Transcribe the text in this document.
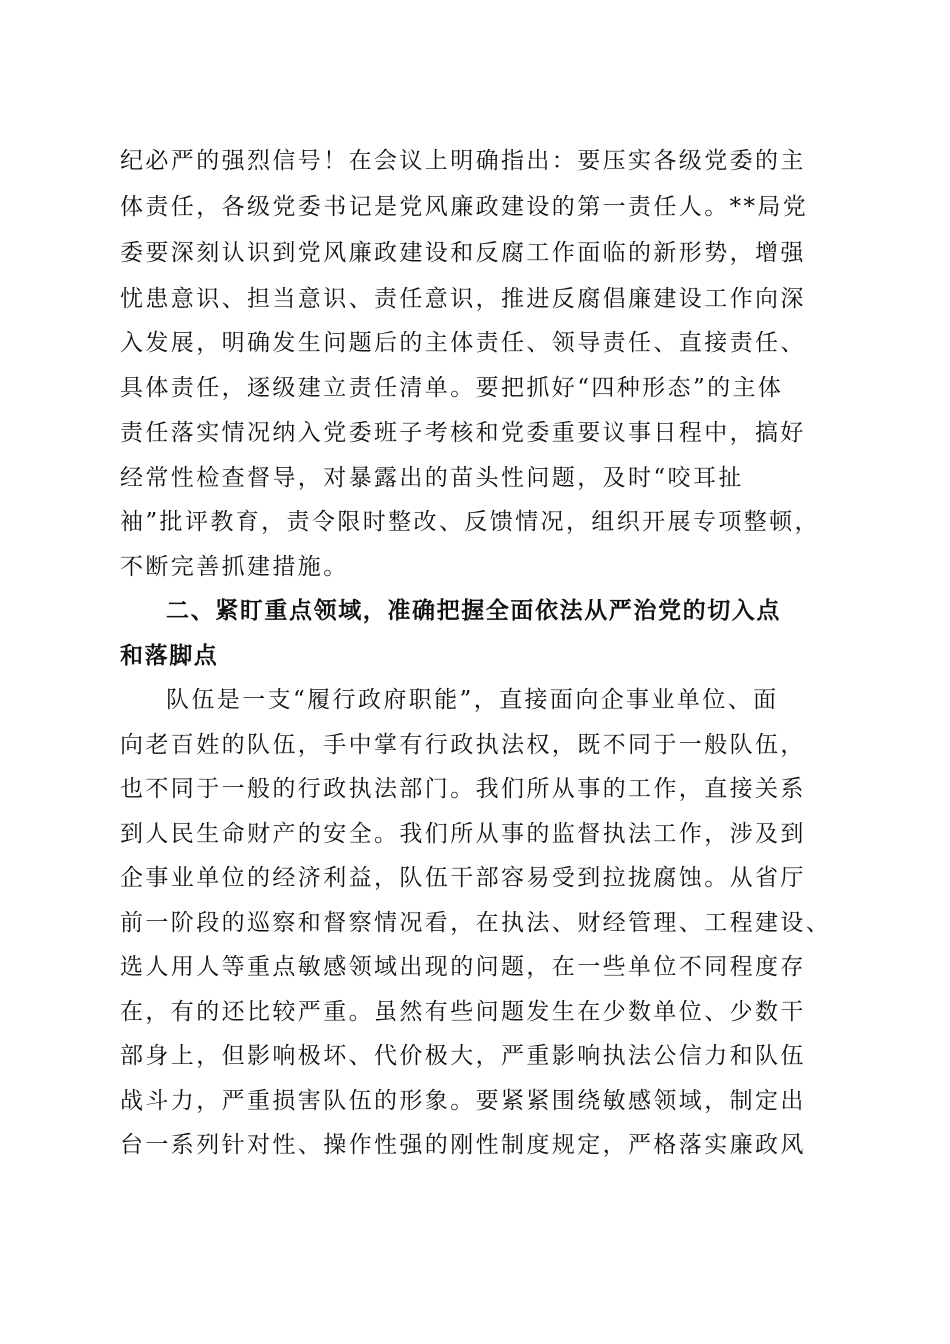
纪必严的强烈信号！在会议上明确指出：要压实各级党委的主
体责任，各级党委书记是党风廉政建设的第一责任人。**局党
委要深刻认识到党风廉政建设和反腐工作面临的新形势，增强
忧患意识、担当意识、责任意识，推进反腐倡廉建设工作向深
入发展，明确发生问题后的主体责任、领导责任、直接责任、
具体责任，逐级建立责任清单。要把抓好“四种形态”的主体
责任落实情况纳入党委班子考核和党委重要议事日程中，搞好
经常性检查督导，对暴露出的苗头性问题，及时“咬耳扯
袖”批评教育，责令限时整改、反馈情况，组织开展专项整顿，
不断完善抓建措施。
二、紧盯重点领域，准确把握全面依法从严治党的切入点
和落脚点
队伍是一支“履行政府职能”，直接面向企事业单位、面
向老百姓的队伍，手中掌有行政执法权，既不同于一般队伍，
也不同于一般的行政执法部门。我们所从事的工作，直接关系
到人民生命财产的安全。我们所从事的监督执法工作，涉及到
企事业单位的经济利益，队伍干部容易受到拉拢腐蚀。从省厅
前一阶段的巡察和督察情况看，在执法、财经管理、工程建设、
选人用人等重点敏感领域出现的问题，在一些单位不同程度存
在，有的还比较严重。虽然有些问题发生在少数单位、少数干
部身上，但影响极坏、代价极大，严重影响执法公信力和队伍
战斗力，严重损害队伍的形象。要紧紧围绕敏感领域，制定出
台一系列针对性、操作性强的刚性制度规定，严格落实廉政风
